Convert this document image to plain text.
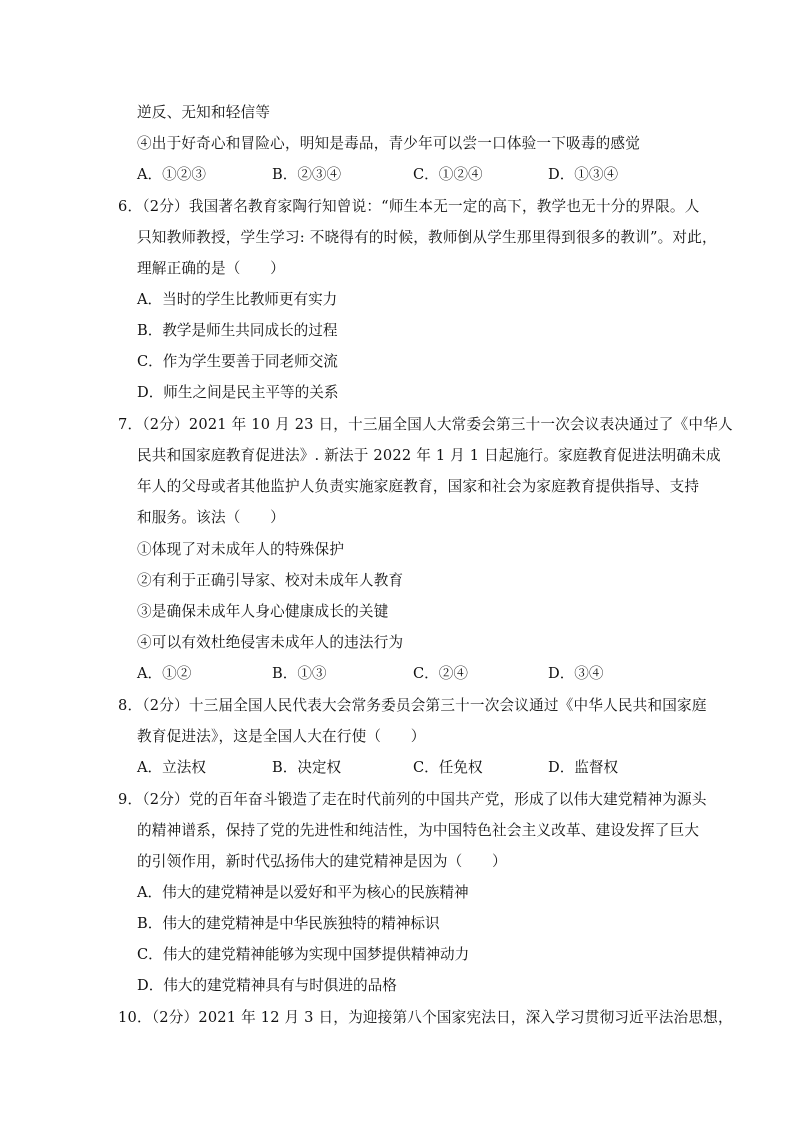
逆反、无知和轻信等
④出于好奇心和冒险心，明知是毒品，青少年可以尝一口体验一下吸毒的感觉
A．①②③	B．②③④	C．①②④	D．①③④
6．（2分）我国著名教育家陶行知曾说：“师生本无一定的高下，教学也无十分的界限。人
只知教师教授，学生学习: 不晓得有的时候，教师倒从学生那里得到很多的教训”。对此，
理解正确的是（　　）
A．当时的学生比教师更有实力
B．教学是师生共同成长的过程
C．作为学生要善于同老师交流
D．师生之间是民主平等的关系
7．（2分）2021 年 10 月 23 日，十三届全国人大常委会第三十一次会议表决通过了《中华人
民共和国家庭教育促进法》. 新法于 2022 年 1 月 1 日起施行。家庭教育促进法明确未成
年人的父母或者其他监护人负责实施家庭教育，国家和社会为家庭教育提供指导、支持
和服务。该法（　　）
①体现了对未成年人的特殊保护
②有利于正确引导家、校对未成年人教育
③是确保未成年人身心健康成长的关键
④可以有效杜绝侵害未成年人的违法行为
A．①②	B．①③	C．②④	D．③④
8．（2分）十三届全国人民代表大会常务委员会第三十一次会议通过《中华人民共和国家庭
教育促进法》，这是全国人大在行使（　　）
A．立法权	B．决定权	C．任免权	D．监督权
9．（2分）党的百年奋斗锻造了走在时代前列的中国共产党，形成了以伟大建党精神为源头
的精神谱系，保持了党的先进性和纯洁性，为中国特色社会主义改革、建设发挥了巨大
的引领作用，新时代弘扬伟大的建党精神是因为（　　）
A．伟大的建党精神是以爱好和平为核心的民族精神
B．伟大的建党精神是中华民族独特的精神标识
C．伟大的建党精神能够为实现中国梦提供精神动力
D．伟大的建党精神具有与时俱进的品格
10．（2分）2021 年 12 月 3 日，为迎接第八个国家宪法日，深入学习贯彻习近平法治思想，
